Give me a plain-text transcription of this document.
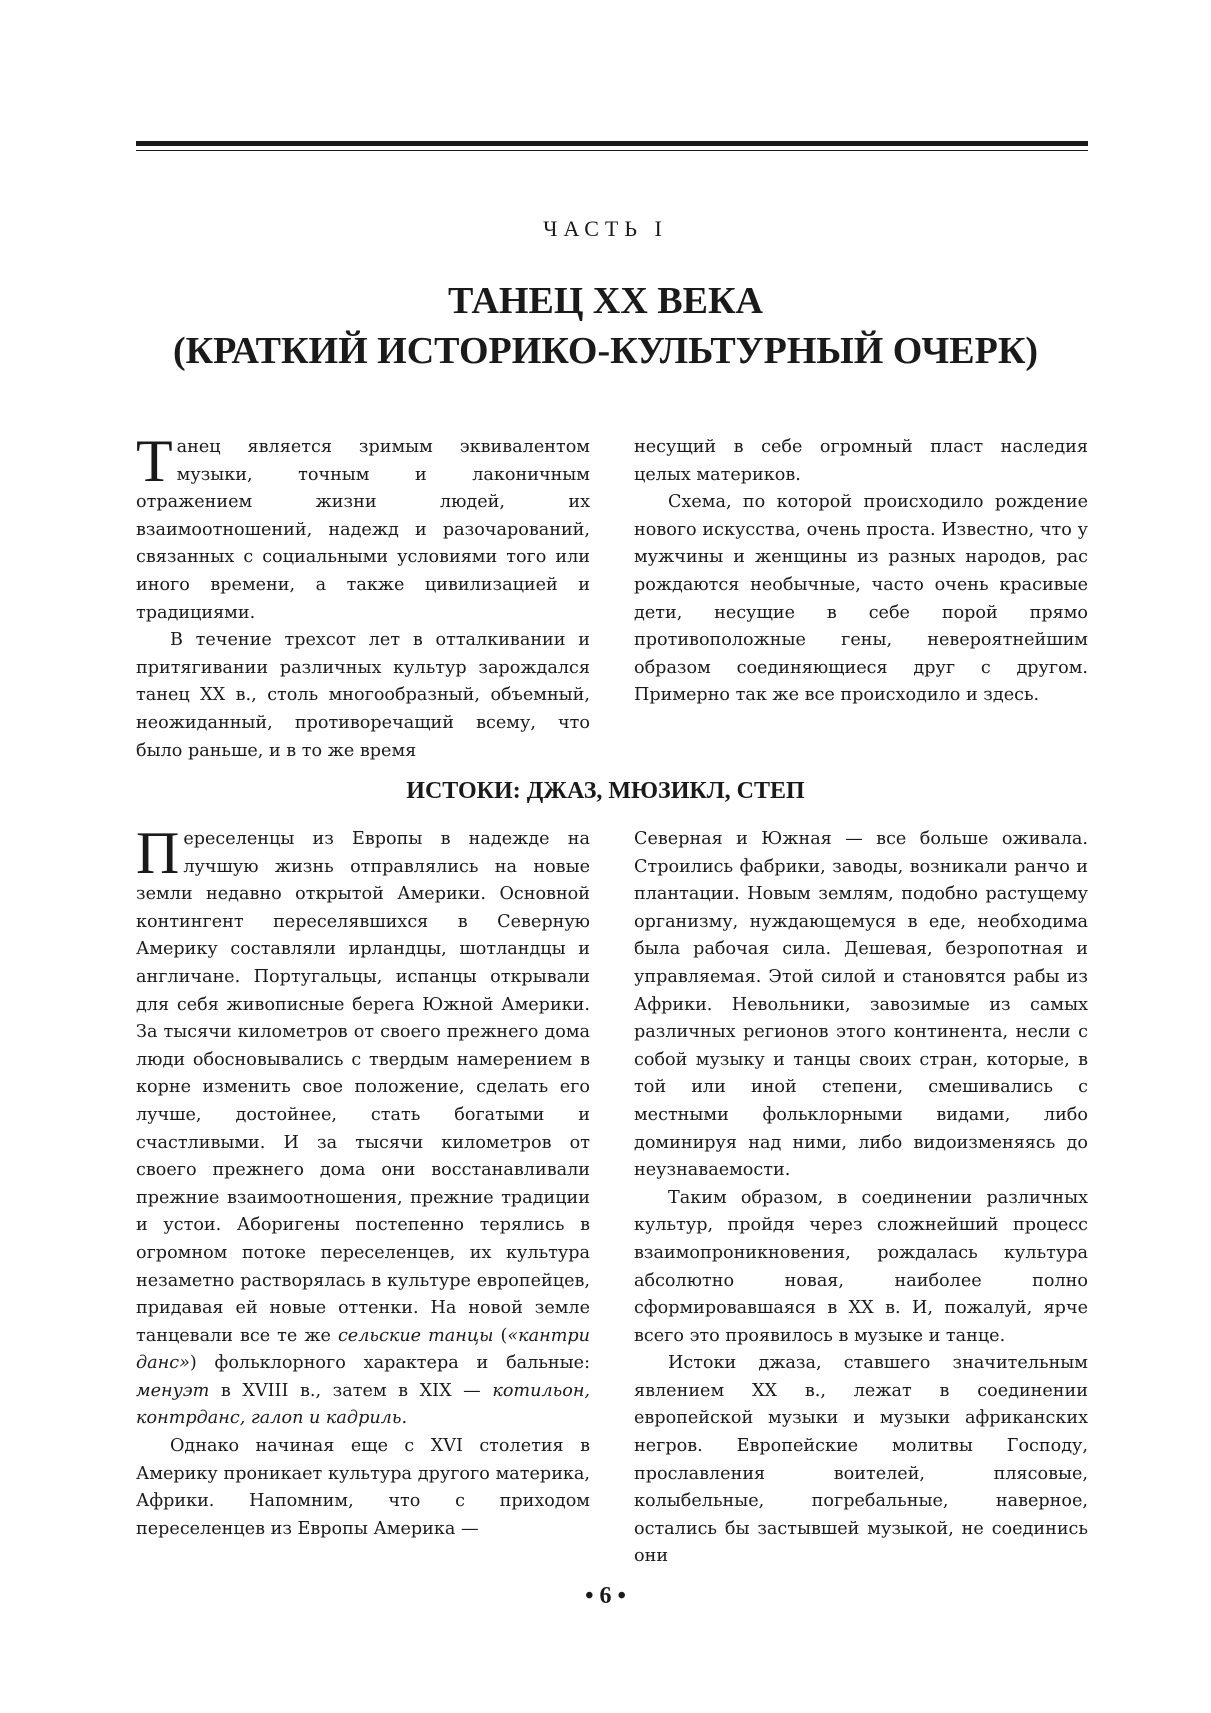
ЧАСТЬ I
ТАНЕЦ XX ВЕКА
(КРАТКИЙ ИСТОРИКО-КУЛЬТУРНЫЙ ОЧЕРК)

Танец является зримым эквивалентом музыки, точным и лаконичным отражением жизни людей, их взаимоотношений, надежд и разочарований, связанных с социальными условиями того или иного времени, а также цивилизацией и традициями.

В течение трехсот лет в отталкивании и притягивании различных культур зарождался танец XX в., столь многообразный, объемный, неожиданный, противоречащий всему, что было раньше, и в то же время

несущий в себе огромный пласт наследия целых материков.

Схема, по которой происходило рождение нового искусства, очень проста. Известно, что у мужчины и женщины из разных народов, рас рождаются необычные, часто очень красивые дети, несущие в себе порой прямо противоположные гены, невероятнейшим образом соединяющиеся друг с другом. Примерно так же все происходило и здесь.

ИСТОКИ: ДЖАЗ, МЮЗИКЛ, СТЕП

Переселенцы из Европы в надежде на лучшую жизнь отправлялись на новые земли недавно открытой Америки. Основной контингент переселявшихся в Северную Америку составляли ирландцы, шотландцы и англичане. Португальцы, испанцы открывали для себя живописные берега Южной Америки. За тысячи километров от своего прежнего дома люди обосновывались с твердым намерением в корне изменить свое положение, сделать его лучше, достойнее, стать богатыми и счастливыми. И за тысячи километров от своего прежнего дома они восстанавливали прежние взаимоотношения, прежние традиции и устои. Аборигены постепенно терялись в огромном потоке переселенцев, их культура незаметно растворялась в культуре европейцев, придавая ей новые оттенки. На новой земле танцевали все те же сельские танцы («кантри данс») фольклорного характера и бальные: менуэт в XVIII в., затем в XIX — котильон, контрданс, галоп и кадриль.

Однако начиная еще с XVI столетия в Америку проникает культура другого материка, Африки. Напомним, что с приходом переселенцев из Европы Америка —

Северная и Южная — все больше оживала. Строились фабрики, заводы, возникали ранчо и плантации. Новым землям, подобно растущему организму, нуждающемуся в еде, необходима была рабочая сила. Дешевая, безропотная и управляемая. Этой силой и становятся рабы из Африки. Невольники, завозимые из самых различных регионов этого континента, несли с собой музыку и танцы своих стран, которые, в той или иной степени, смешивались с местными фольклорными видами, либо доминируя над ними, либо видоизменяясь до неузнаваемости.

Таким образом, в соединении различных культур, пройдя через сложнейший процесс взаимопроникновения, рождалась культура абсолютно новая, наиболее полно сформировавшаяся в XX в. И, пожалуй, ярче всего это проявилось в музыке и танце.

Истоки джаза, ставшего значительным явлением XX в., лежат в соединении европейской музыки и музыки африканских негров. Европейские молитвы Господу, прославления воителей, плясовые, колыбельные, погребальные, наверное, остались бы застывшей музыкой, не соединись они

• 6 •
